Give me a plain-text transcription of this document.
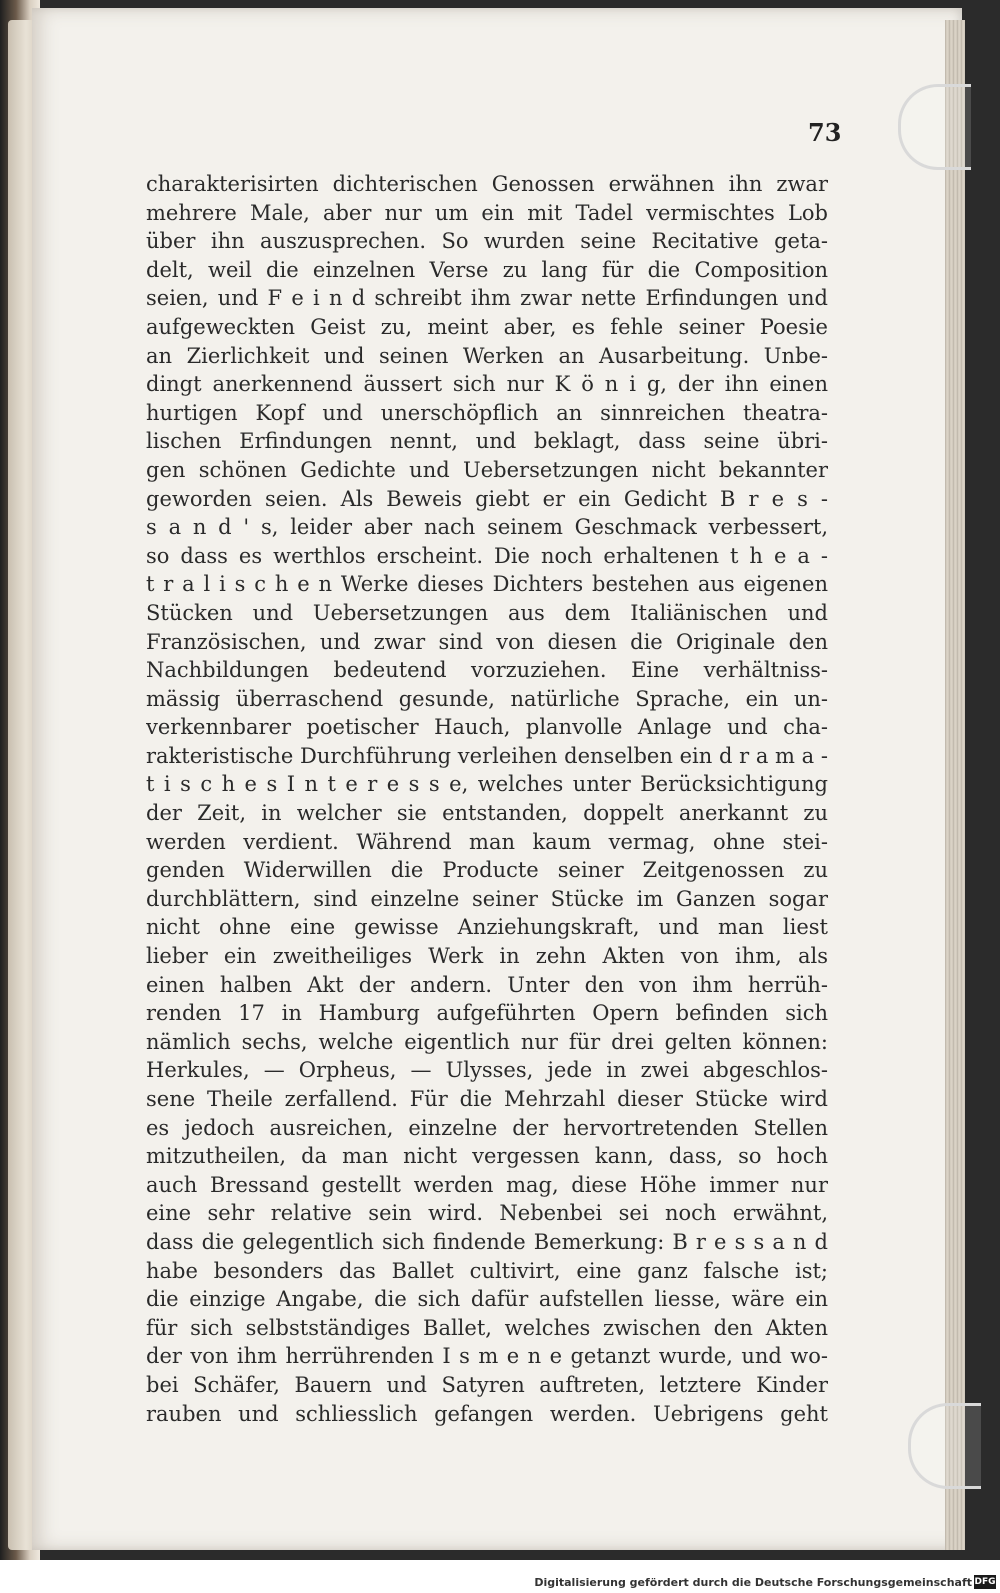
73
charakterisirten dichterischen Genossen erwähnen ihn zwar
mehrere Male, aber nur um ein mit Tadel vermischtes Lob
über ihn auszusprechen. So wurden seine Recitative geta-
delt, weil die einzelnen Verse zu lang für die Composition
seien, und F e i n d schreibt ihm zwar nette Erfindungen und
aufgeweckten Geist zu, meint aber, es fehle seiner Poesie
an Zierlichkeit und seinen Werken an Ausarbeitung. Unbe-
dingt anerkennend äussert sich nur K ö n i g, der ihn einen
hurtigen Kopf und unerschöpflich an sinnreichen theatra-
lischen Erfindungen nennt, und beklagt, dass seine übri-
gen schönen Gedichte und Uebersetzungen nicht bekannter
geworden seien. Als Beweis giebt er ein Gedicht B r e s -
s a n d ' s, leider aber nach seinem Geschmack verbessert,
so dass es werthlos erscheint. Die noch erhaltenen t h e a -
t r a l i s c h e n Werke dieses Dichters bestehen aus eigenen
Stücken und Uebersetzungen aus dem Italiänischen und
Französischen, und zwar sind von diesen die Originale den
Nachbildungen bedeutend vorzuziehen. Eine verhältniss-
mässig überraschend gesunde, natürliche Sprache, ein un-
verkennbarer poetischer Hauch, planvolle Anlage und cha-
rakteristische Durchführung verleihen denselben ein d r a m a -
t i s c h e s I n t e r e s s e, welches unter Berücksichtigung
der Zeit, in welcher sie entstanden, doppelt anerkannt zu
werden verdient. Während man kaum vermag, ohne stei-
genden Widerwillen die Producte seiner Zeitgenossen zu
durchblättern, sind einzelne seiner Stücke im Ganzen sogar
nicht ohne eine gewisse Anziehungskraft, und man liest
lieber ein zweitheiliges Werk in zehn Akten von ihm, als
einen halben Akt der andern. Unter den von ihm herrüh-
renden 17 in Hamburg aufgeführten Opern befinden sich
nämlich sechs, welche eigentlich nur für drei gelten können:
Herkules, — Orpheus, — Ulysses, jede in zwei abgeschlos-
sene Theile zerfallend. Für die Mehrzahl dieser Stücke wird
es jedoch ausreichen, einzelne der hervortretenden Stellen
mitzutheilen, da man nicht vergessen kann, dass, so hoch
auch Bressand gestellt werden mag, diese Höhe immer nur
eine sehr relative sein wird. Nebenbei sei noch erwähnt,
dass die gelegentlich sich findende Bemerkung: B r e s s a n d
habe besonders das Ballet cultivirt, eine ganz falsche ist;
die einzige Angabe, die sich dafür aufstellen liesse, wäre ein
für sich selbstständiges Ballet, welches zwischen den Akten
der von ihm herrührenden I s m e n e getanzt wurde, und wo-
bei Schäfer, Bauern und Satyren auftreten, letztere Kinder
rauben und schliesslich gefangen werden. Uebrigens geht
Digitalisierung gefördert durch die Deutsche Forschungsgemeinschaft DFG
